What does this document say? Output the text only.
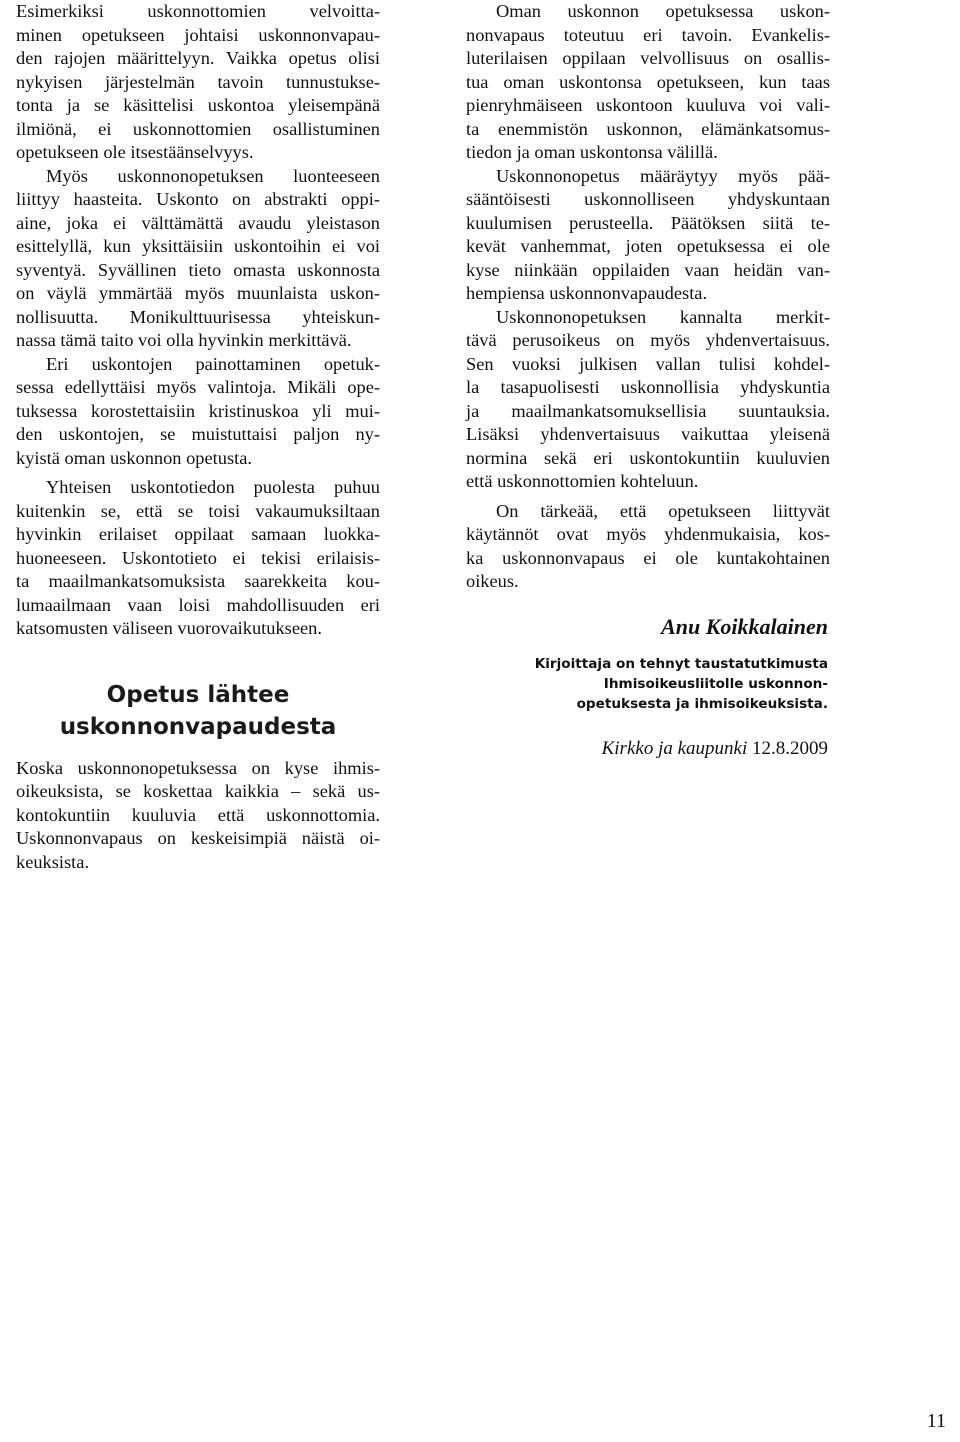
Esimerkiksi uskonnottomien velvoitta-
minen opetukseen johtaisi uskonnonvapau-
den rajojen määrittelyyn. Vaikka opetus olisi
nykyisen järjestelmän tavoin tunnustukse-
tonta ja se käsittelisi uskontoa yleisempänä
ilmiönä, ei uskonnottomien osallistuminen
opetukseen ole itsestäänselvyys.
Myös uskonnonopetuksen luonteeseen
liittyy haasteita. Uskonto on abstrakti oppi-
aine, joka ei välttämättä avaudu yleistason
esittelyllä, kun yksittäisiin uskontoihin ei voi
syventyä. Syvällinen tieto omasta uskonnosta
on väylä ymmärtää myös muunlaista uskon-
nollisuutta. Monikulttuurisessa yhteiskun-
nassa tämä taito voi olla hyvinkin merkittävä.
Eri uskontojen painottaminen opetuk-
sessa edellyttäisi myös valintoja. Mikäli ope-
tuksessa korostettaisiin kristinuskoa yli mui-
den uskontojen, se muistuttaisi paljon ny-
kyistä oman uskonnon opetusta.
Yhteisen uskontotiedon puolesta puhuu
kuitenkin se, että se toisi vakaumuksiltaan
hyvinkin erilaiset oppilaat samaan luokka-
huoneeseen. Uskontotieto ei tekisi erilaisis-
ta maailmankatsomuksista saarekkeita kou-
lumaailmaan vaan loisi mahdollisuuden eri
katsomusten väliseen vuorovaikutukseen.
Opetus lähtee
uskonnonvapaudesta
Koska uskonnonopetuksessa on kyse ihmis-
oikeuksista, se koskettaa kaikkia – sekä us-
kontokuntiin kuuluvia että uskonnottomia.
Uskonnonvapaus on keskeisimpiä näistä oi-
keuksista.
Oman uskonnon opetuksessa uskon-
nonvapaus toteutuu eri tavoin. Evankelis-
luterilaisen oppilaan velvollisuus on osallis-
tua oman uskontonsa opetukseen, kun taas
pienryhmäiseen uskontoon kuuluva voi vali-
ta enemmistön uskonnon, elämänkatsomus-
tiedon ja oman uskontonsa välillä.
Uskonnonopetus määräytyy myös pää-
sääntöisesti uskonnolliseen yhdyskuntaan
kuulumisen perusteella. Päätöksen siitä te-
kevät vanhemmat, joten opetuksessa ei ole
kyse niinkään oppilaiden vaan heidän van-
hempiensa uskonnonvapaudesta.
Uskonnonopetuksen kannalta merkit-
tävä perusoikeus on myös yhdenvertaisuus.
Sen vuoksi julkisen vallan tulisi kohdel-
la tasapuolisesti uskonnollisia yhdyskuntia
ja maailmankatsomuksellisia suuntauksia.
Lisäksi yhdenvertaisuus vaikuttaa yleisenä
normina sekä eri uskontokuntiin kuuluvien
että uskonnottomien kohteluun.
On tärkeää, että opetukseen liittyvät
käytännöt ovat myös yhdenmukaisia, kos-
ka uskonnonvapaus ei ole kuntakohtainen
oikeus.
Anu Koikkalainen
Kirjoittaja on tehnyt taustatutkimusta
Ihmisoikeusliitolle uskonnon-
opetuksesta ja ihmisoikeuksista.
Kirkko ja kaupunki 12.8.2009
11
